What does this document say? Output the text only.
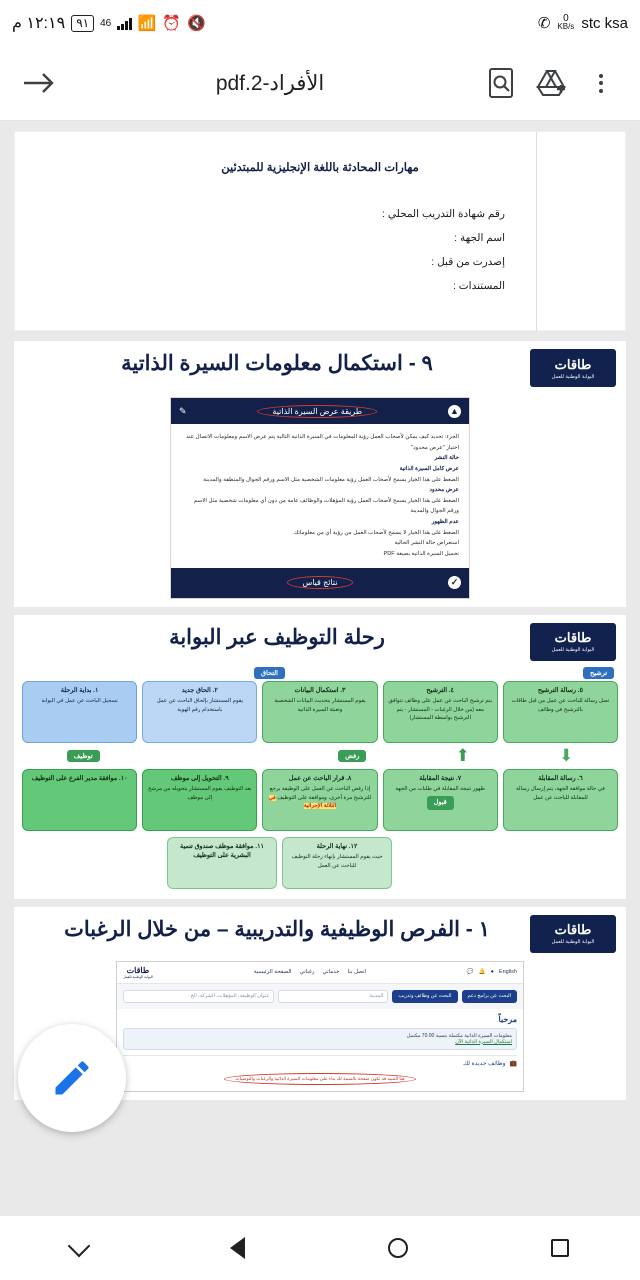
١٢:١٩ م ٩١	46 📶 ⏰ 🔇	✆	0
KB/s stc ksa
الأفراد-2.pdf
مهارات المحادثة باللغة الإنجليزية للمبتدئين
رقم شهادة التدريب المحلي :
اسم الجهة :
إصدرت من قبل :
المستندات :
طاقات
البوابة الوطنية للعمل
٩ - استكمال معلومات السيرة الذاتية
▲
طريقة عرض السيرة الذاتية
✎
الجزء: تحديد كيف يمكن لأصحاب العمل رؤية المعلومات في السيرة الذاتية التالية يتم عرض الاسم ومعلومات الاتصال عند اختيار "عرض محدود"
حالة النشر
عرض كامل السيرة الذاتية
الضغط على هذا الخيار يسمح لأصحاب العمل رؤية معلومات الشخصية مثل الاسم ورقم الجوال والمنطقة والمدينة
عرض محدود
الضغط على هذا الخيار يسمح لأصحاب العمل رؤية المؤهلات والوظائف عامة من دون أي معلومات شخصية مثل الاسم ورقم الجوال والمدينة
عدم الظهور
الضغط على هذا الخيار لا يسمح لأصحاب العمل من رؤية أي من معلوماتك
استعراض حالة النشر الحالية
تحميل السيرة الذاتية بصيغة PDF
✓
نتائج قياس
طاقات
البوابة الوطنية للعمل
رحلة التوظيف عبر البوابة
ترشيح
التحاق
٥. رسالة الترشيح
تصل رسالة للباحث عن عمل من قبل طاقات بالترشيح في وظائف
٤. الترشيح
يتم ترشيح الباحث عن عمل على وظائف تتوافق معه (من خلال الرغبات - المستشار - يتم الترشيح بواسطة المستشار)
٣. استكمال البيانات
يقوم المستشار بتحديث البيانات الشخصية وتعبئة السيرة الذاتية
٢. الحاق جديد
يقوم المستشار بإلحاق الباحث عن عمل باستخدام رقم الهوية
١. بداية الرحلة
تسجيل الباحث عن عمل في البوابة
⬇
⬆
رفض
توظيف
٦. رسالة المقابلة
في حالة موافقة الجهة، يتم إرسال رسالة للمقابلة للباحث عن عمل
٧. نتيجة المقابلة
ظهور نتيجة المقابلة في طلبات من الجهة قبول
٨. قرار الباحث عن عمل
إذا رفض الباحث عن العمل على الوظيفة يرجع للترشيح مرة أخرى، وموافقة على التوظيف في الثلاثة الإجرائية
٩. التحويل إلى موظف
بعد التوظيف يقوم المستشار بتحويله من مرشح إلى موظف
١٠. موافقة مدير الفرع على التوظيف
١٢. نهاية الرحلة
حيث يقوم المستشار بإنهاء رحلة التوظيف للباحث عن العمل
١١. موافقة موظف صندوق تنمية البشرية على التوظيف
طاقات
البوابة الوطنية للعمل
١ - الفرص الوظيفية والتدريبية – من خلال الرغبات
English
●
🔔
💬
اتصل بنا
خدماتي
رغباتي
الصفحة الرئيسية
طاقات
البوابة الوطنية للعمل
البحث عن برامج دعم
البحث عن وظائف وتدريب
المدينة
عنوان الوظيفة، المؤهلات، الشركة، الخ
مرحباً
معلومات السيرة الذاتية مكتملة بنسبة 70.00 مكتمل
استكمال السيرة الذاتية الآن
💼
وظائف جديدة لك
هنا التنبيه قد تكون صفحة بالنسبة لك بناء على معلومات السيرة الذاتية والرغبات والتوصيات
